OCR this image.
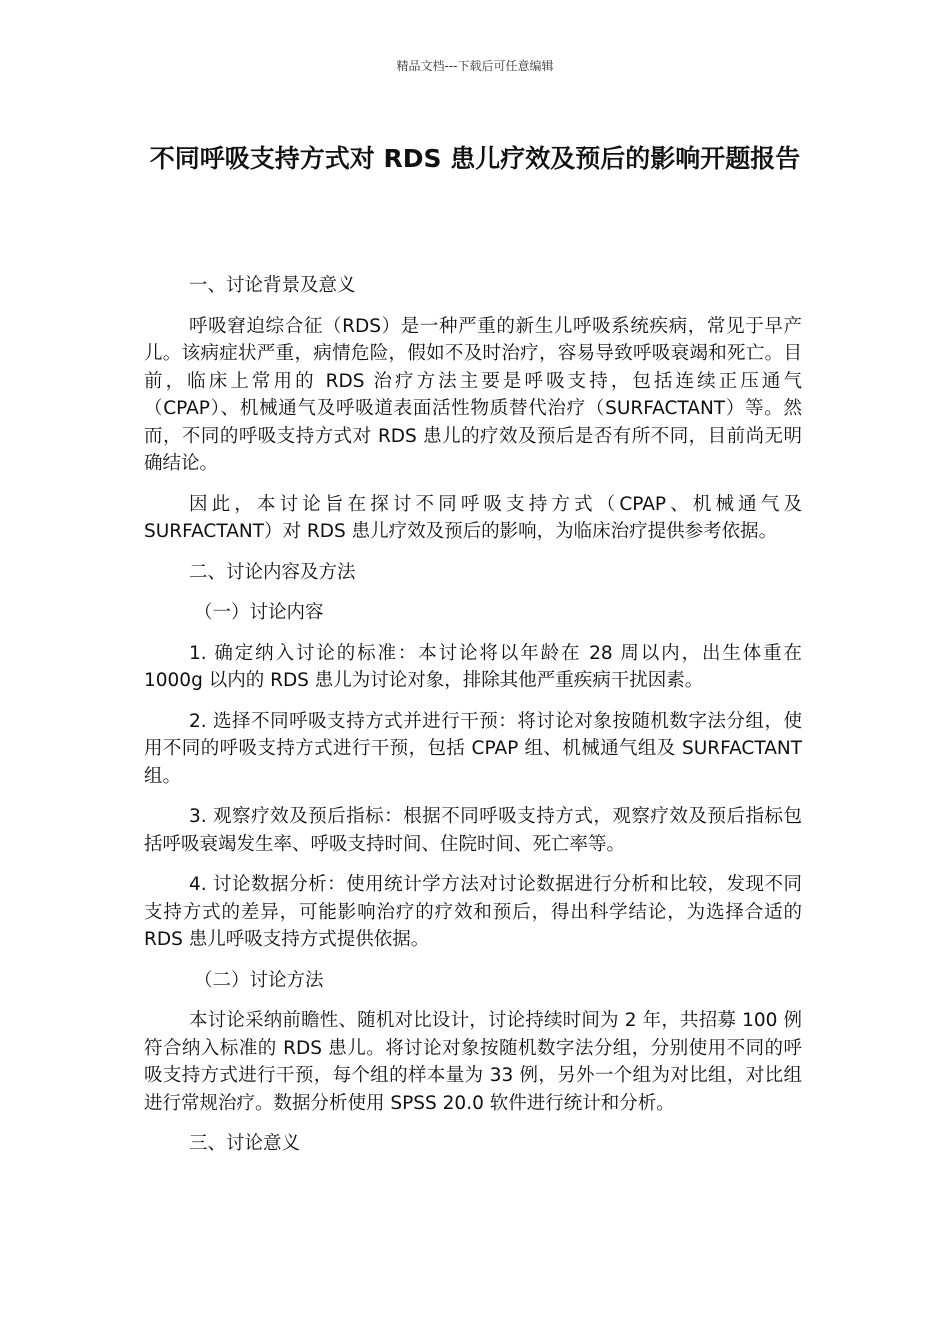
精品文档---下载后可任意编辑
不同呼吸支持方式对 RDS 患儿疗效及预后的影响开题报告

一、讨论背景及意义

呼吸窘迫综合征（RDS）是一种严重的新生儿呼吸系统疾病，常见于早产儿。该病症状严重，病情危险，假如不及时治疗，容易导致呼吸衰竭和死亡。目前，临床上常用的 RDS 治疗方法主要是呼吸支持，包括连续正压通气（CPAP）、机械通气及呼吸道表面活性物质替代治疗（SURFACTANT）等。然而，不同的呼吸支持方式对 RDS 患儿的疗效及预后是否有所不同，目前尚无明确结论。

因此，本讨论旨在探讨不同呼吸支持方式（CPAP、机械通气及 SURFACTANT）对 RDS 患儿疗效及预后的影响，为临床治疗提供参考依据。

二、讨论内容及方法

（一）讨论内容

1. 确定纳入讨论的标准：本讨论将以年龄在 28 周以内，出生体重在 1000g 以内的 RDS 患儿为讨论对象，排除其他严重疾病干扰因素。

2. 选择不同呼吸支持方式并进行干预：将讨论对象按随机数字法分组，使用不同的呼吸支持方式进行干预，包括 CPAP 组、机械通气组及 SURFACTANT 组。

3. 观察疗效及预后指标：根据不同呼吸支持方式，观察疗效及预后指标包括呼吸衰竭发生率、呼吸支持时间、住院时间、死亡率等。

4. 讨论数据分析：使用统计学方法对讨论数据进行分析和比较，发现不同支持方式的差异，可能影响治疗的疗效和预后，得出科学结论，为选择合适的 RDS 患儿呼吸支持方式提供依据。

（二）讨论方法

本讨论采纳前瞻性、随机对比设计，讨论持续时间为 2 年，共招募 100 例符合纳入标准的 RDS 患儿。将讨论对象按随机数字法分组，分别使用不同的呼吸支持方式进行干预，每个组的样本量为 33 例，另外一个组为对比组，对比组进行常规治疗。数据分析使用 SPSS 20.0 软件进行统计和分析。

三、讨论意义
